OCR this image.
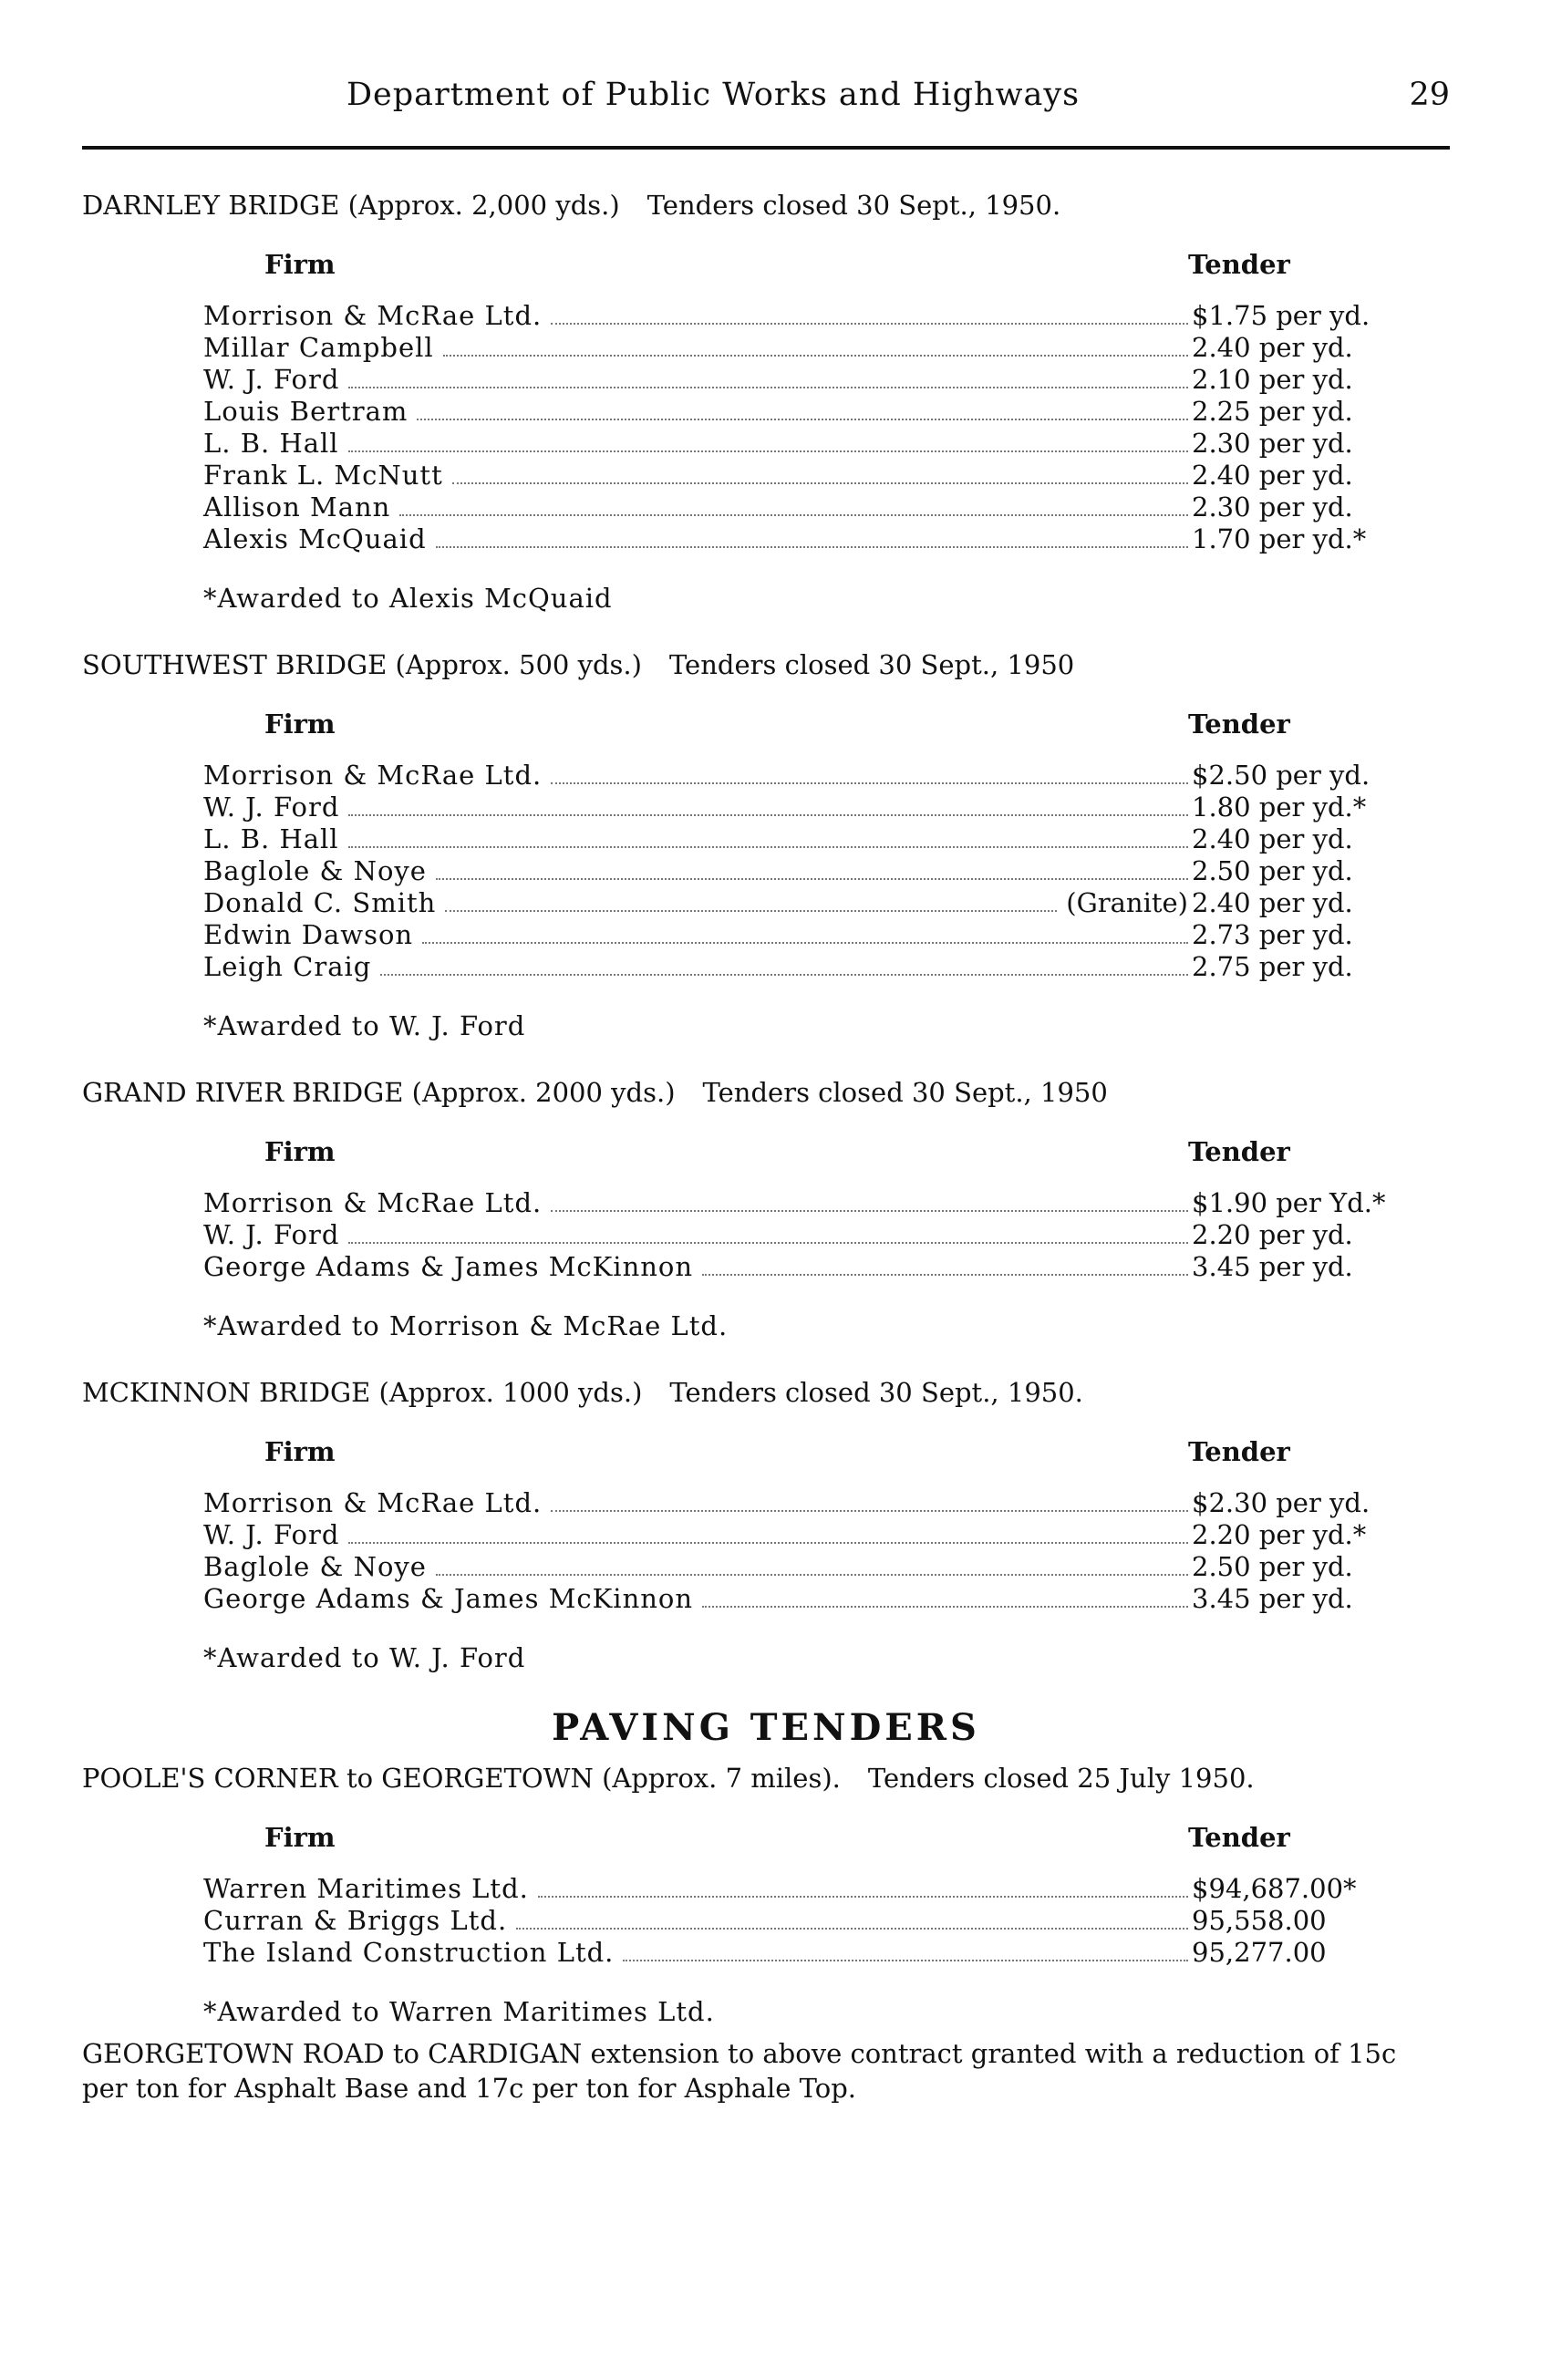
Department of Public Works and Highways	29
DARNLEY BRIDGE (Approx. 2,000 yds.) Tenders closed 30 Sept., 1950.
Firm	Tender
Morrison & McRae Ltd.	$1.75 per yd.
Millar Campbell	2.40 per yd.
W. J. Ford	2.10 per yd.
Louis Bertram	2.25 per yd.
L. B. Hall	2.30 per yd.
Frank L. McNutt	2.40 per yd.
Allison Mann	2.30 per yd.
Alexis McQuaid	1.70 per yd.*
*Awarded to Alexis McQuaid
SOUTHWEST BRIDGE (Approx. 500 yds.) Tenders closed 30 Sept., 1950
Firm	Tender
Morrison & McRae Ltd.	$2.50 per yd.
W. J. Ford	1.80 per yd.*
L. B. Hall	2.40 per yd.
Baglole & Noye	2.50 per yd.
Donald C. Smith	(Granite) 2.40 per yd.
Edwin Dawson	2.73 per yd.
Leigh Craig	2.75 per yd.
*Awarded to W. J. Ford
GRAND RIVER BRIDGE (Approx. 2000 yds.) Tenders closed 30 Sept., 1950
Firm	Tender
Morrison & McRae Ltd.	$1.90 per Yd.*
W. J. Ford	2.20 per yd.
George Adams & James McKinnon	3.45 per yd.
*Awarded to Morrison & McRae Ltd.
MCKINNON BRIDGE (Approx. 1000 yds.) Tenders closed 30 Sept., 1950.
Firm	Tender
Morrison & McRae Ltd.	$2.30 per yd.
W. J. Ford	2.20 per yd.*
Baglole & Noye	2.50 per yd.
George Adams & James McKinnon	3.45 per yd.
*Awarded to W. J. Ford
PAVING TENDERS
POOLE'S CORNER to GEORGETOWN (Approx. 7 miles). Tenders closed 25 July 1950.
Firm	Tender
Warren Maritimes Ltd.	$94,687.00*
Curran & Briggs Ltd.	95,558.00
The Island Construction Ltd.	95,277.00
*Awarded to Warren Maritimes Ltd.
GEORGETOWN ROAD to CARDIGAN extension to above contract granted with a reduction of 15c per ton for Asphalt Base and 17c per ton for Asphale Top.
